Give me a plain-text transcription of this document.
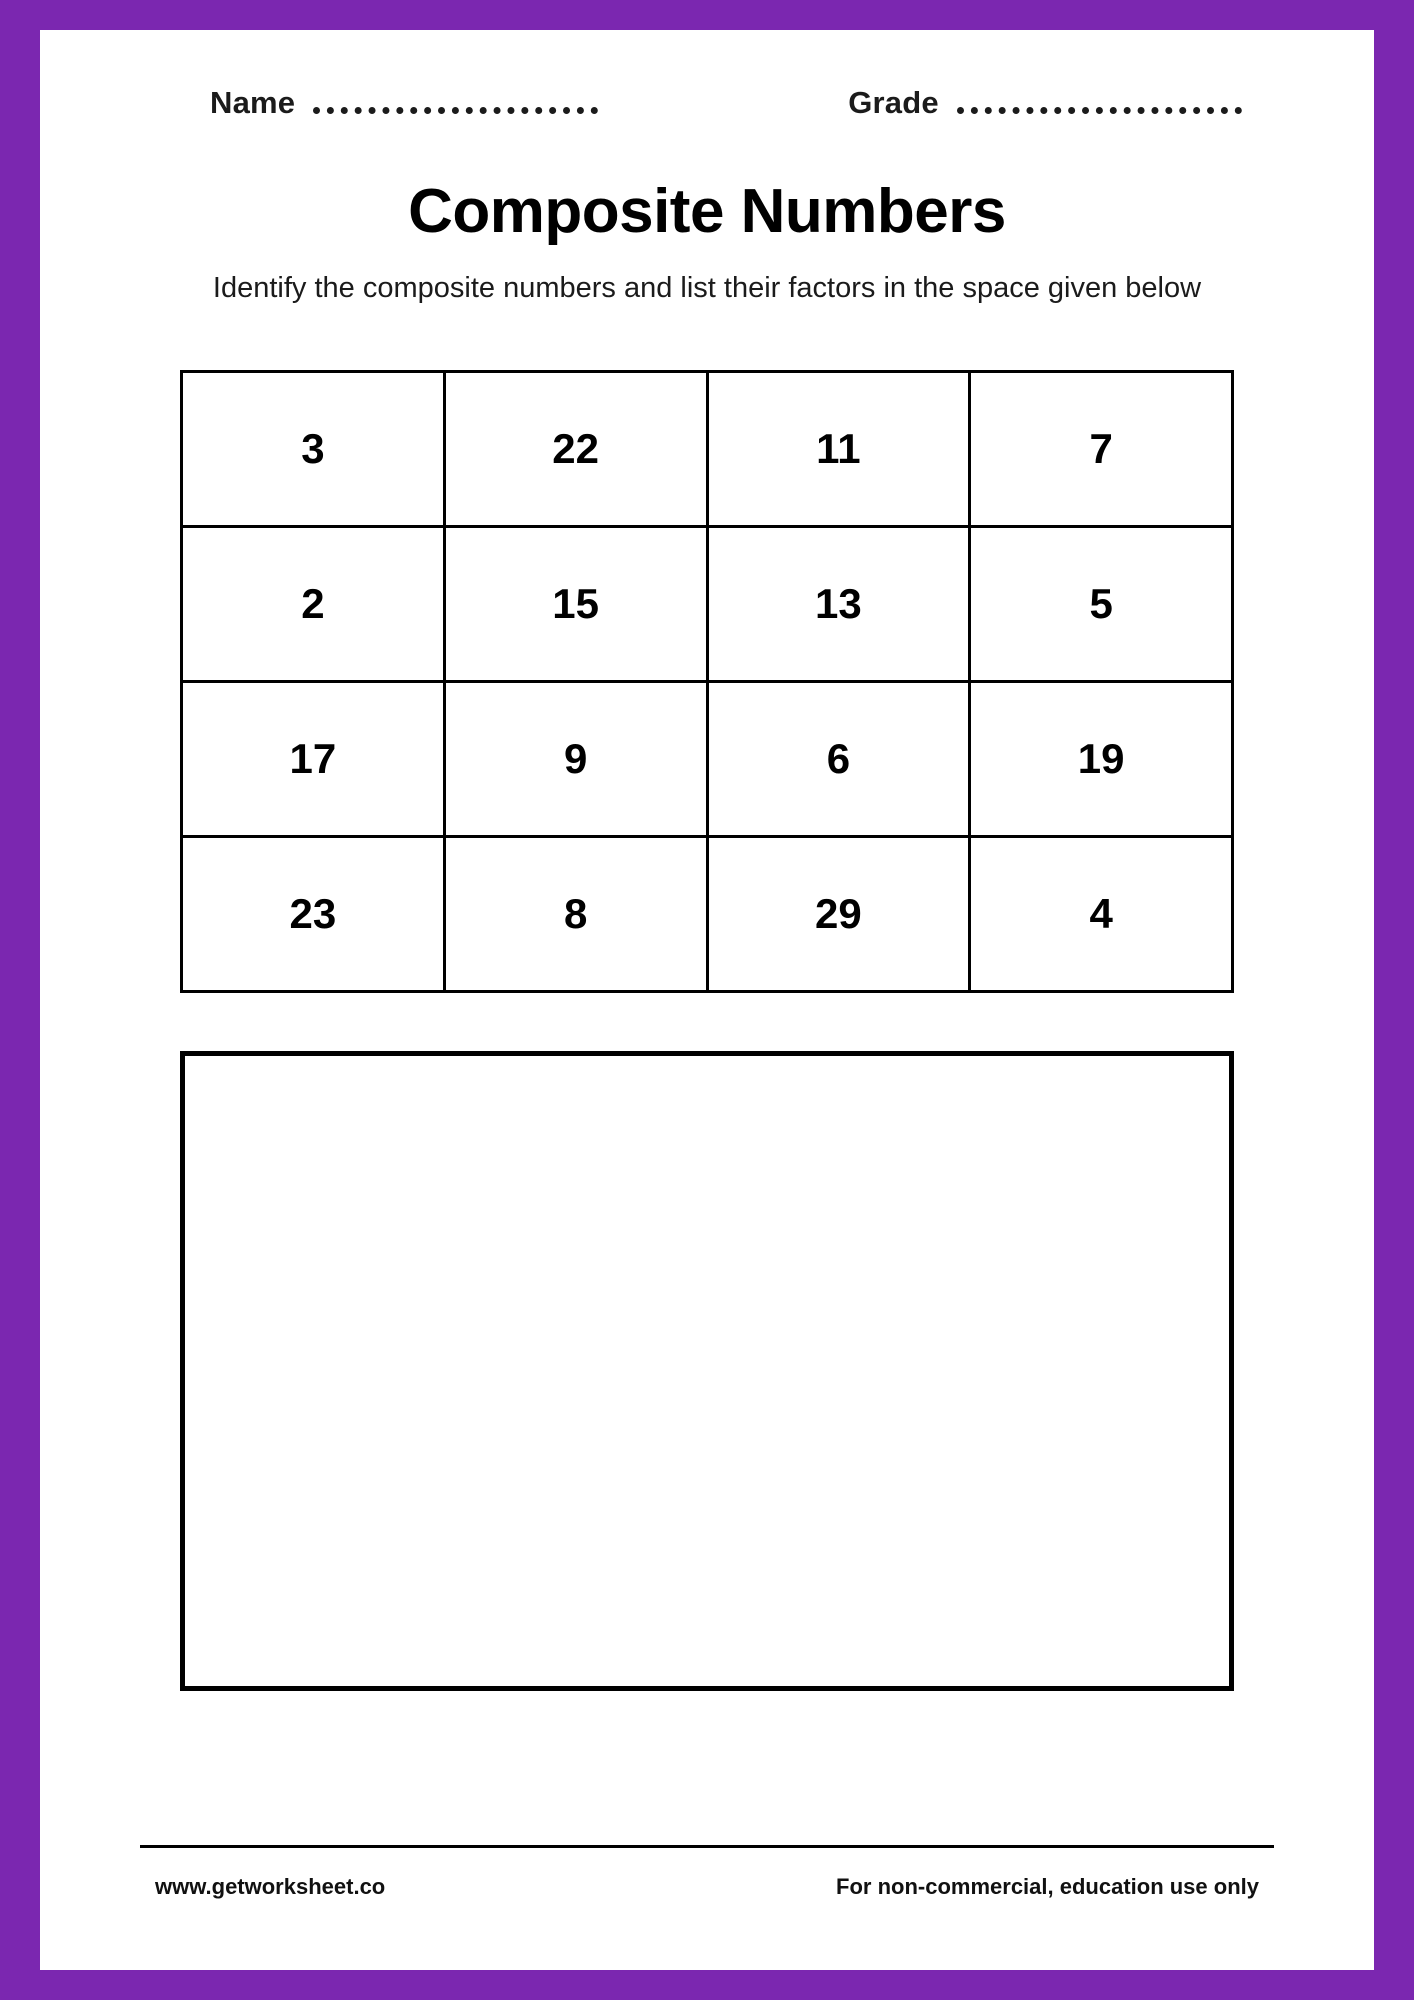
Name	Grade
Composite Numbers
Identify the composite numbers and list their factors in the space given below
3	22	11	7
2	15	13	5
17	9	6	19
23	8	29	4
www.getworksheet.co	For non-commercial, education use only
